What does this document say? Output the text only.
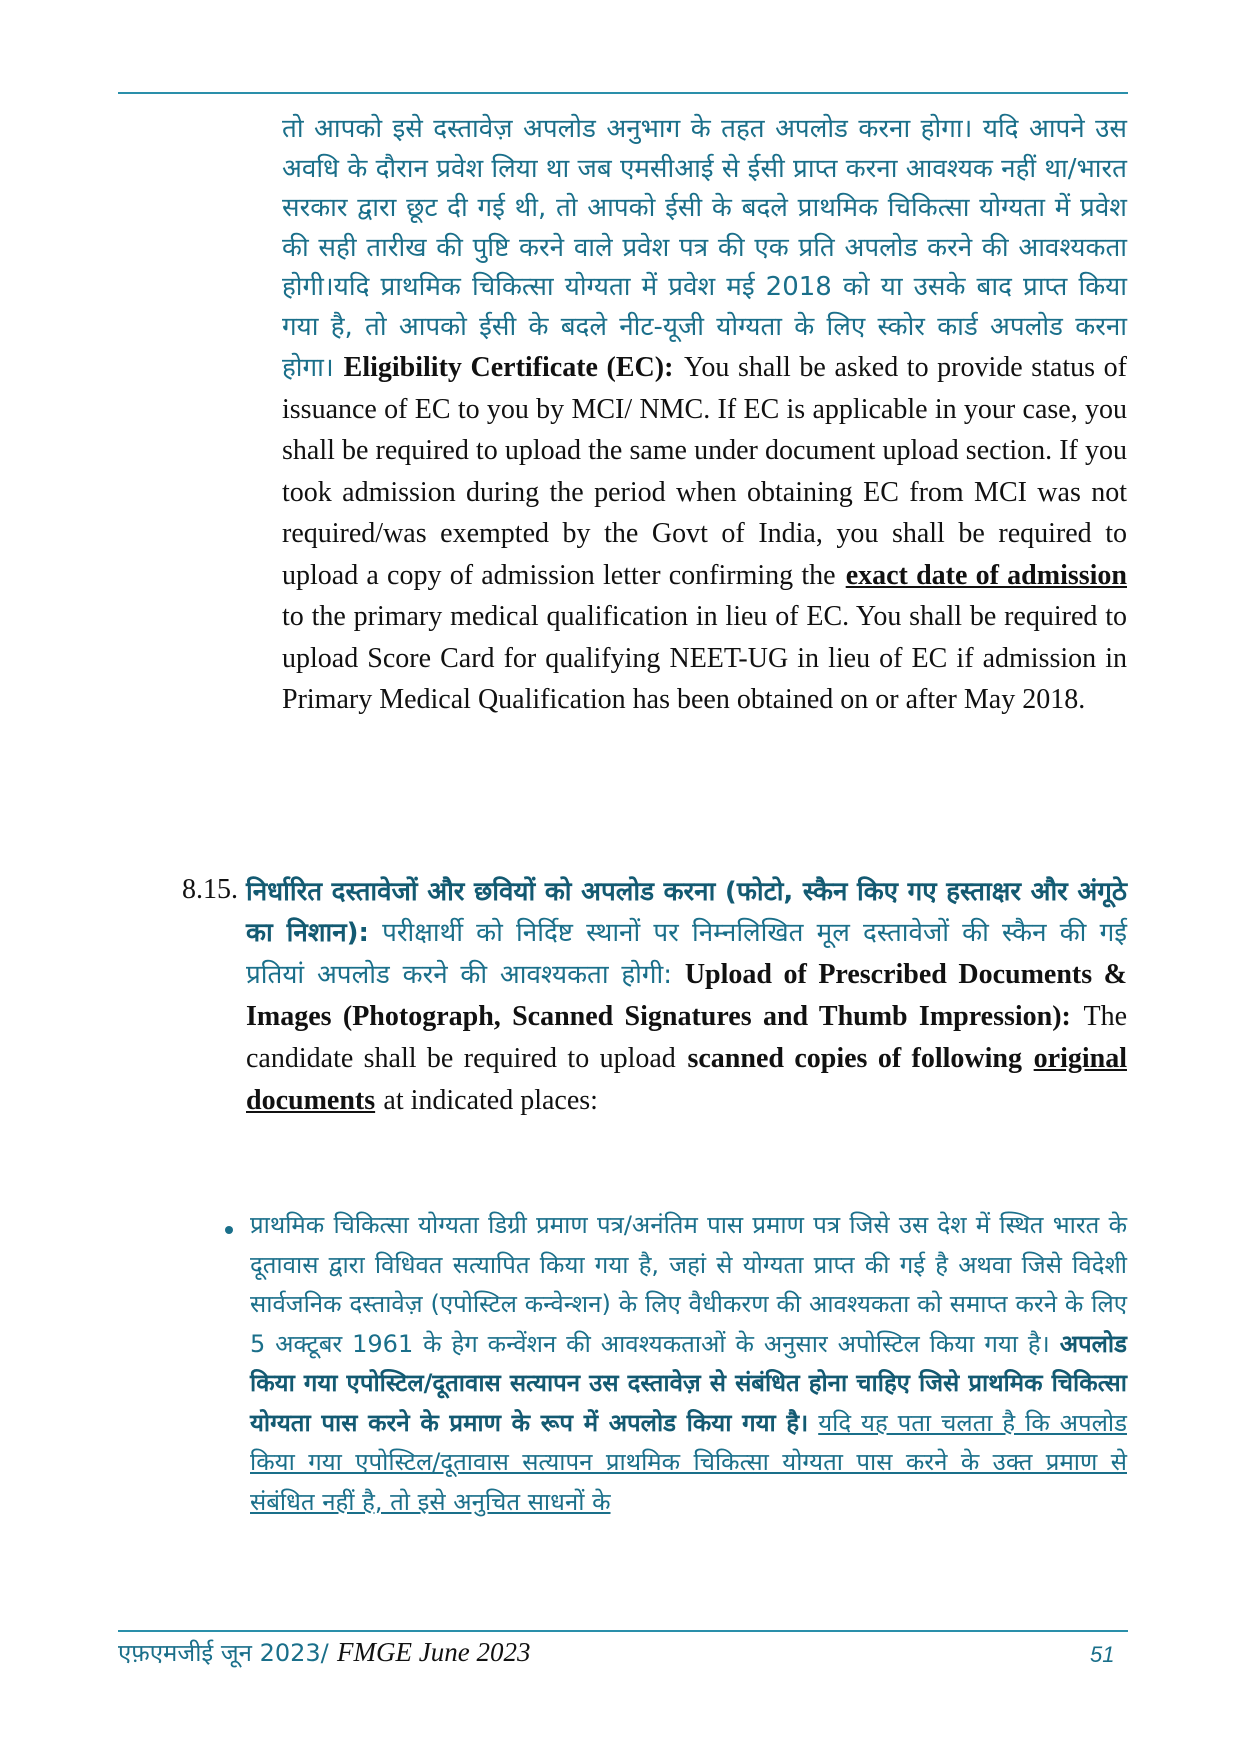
तो आपको इसे दस्तावेज़ अपलोड अनुभाग के तहत अपलोड करना होगा। यदि आपने उस अवधि के दौरान प्रवेश लिया था जब एमसीआई से ईसी प्राप्त करना आवश्यक नहीं था/भारत सरकार द्वारा छूट दी गई थी, तो आपको ईसी के बदले प्राथमिक चिकित्सा योग्यता में प्रवेश की सही तारीख की पुष्टि करने वाले प्रवेश पत्र की एक प्रति अपलोड करने की आवश्यकता होगी।यदि प्राथमिक चिकित्सा योग्यता में प्रवेश मई 2018 को या उसके बाद प्राप्त किया गया है, तो आपको ईसी के बदले नीट-यूजी योग्यता के लिए स्कोर कार्ड अपलोड करना होगा। Eligibility Certificate (EC): You shall be asked to provide status of issuance of EC to you by MCI/ NMC. If EC is applicable in your case, you shall be required to upload the same under document upload section. If you took admission during the period when obtaining EC from MCI was not required/was exempted by the Govt of India, you shall be required to upload a copy of admission letter confirming the exact date of admission to the primary medical qualification in lieu of EC. You shall be required to upload Score Card for qualifying NEET-UG in lieu of EC if admission in Primary Medical Qualification has been obtained on or after May 2018.
8.15. निर्धारित दस्तावेजों और छवियों को अपलोड करना (फोटो, स्कैन किए गए हस्ताक्षर और अंगूठे का निशान): परीक्षार्थी को निर्दिष्ट स्थानों पर निम्नलिखित मूल दस्तावेजों की स्कैन की गई प्रतियां अपलोड करने की आवश्यकता होगी: Upload of Prescribed Documents & Images (Photograph, Scanned Signatures and Thumb Impression): The candidate shall be required to upload scanned copies of following original documents at indicated places:
प्राथमिक चिकित्सा योग्यता डिग्री प्रमाण पत्र/अनंतिम पास प्रमाण पत्र जिसे उस देश में स्थित भारत के दूतावास द्वारा विधिवत सत्यापित किया गया है, जहां से योग्यता प्राप्त की गई है अथवा जिसे विदेशी सार्वजनिक दस्तावेज़ (एपोस्टिल कन्वेन्शन) के लिए वैधीकरण की आवश्यकता को समाप्त करने के लिए 5 अक्टूबर 1961 के हेग कन्वेंशन की आवश्यकताओं के अनुसार अपोस्टिल किया गया है। अपलोड किया गया एपोस्टिल/दूतावास सत्यापन उस दस्तावेज़ से संबंधित होना चाहिए जिसे प्राथमिक चिकित्सा योग्यता पास करने के प्रमाण के रूप में अपलोड किया गया है। यदि यह पता चलता है कि अपलोड किया गया एपोस्टिल/दूतावास सत्यापन प्राथमिक चिकित्सा योग्यता पास करने के उक्त प्रमाण से संबंधित नहीं है, तो इसे अनुचित साधनों के
एफ़एमजीई जून 2023/ FMGE June 2023	51
